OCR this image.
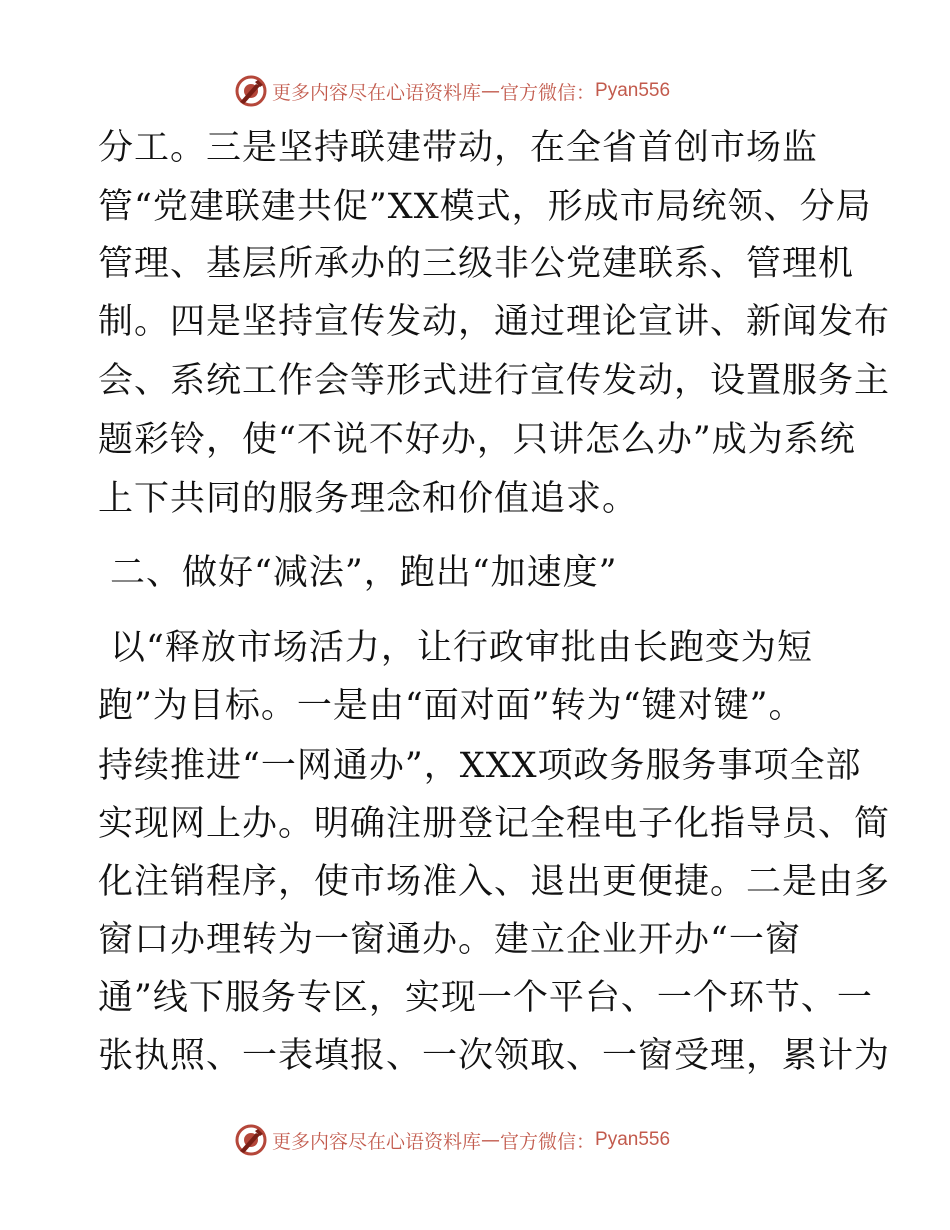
更多内容尽在心语资料库 — 官方微信： Pyan556
分工。三是坚持联建带动，在全省首创市场监
管“党建联建共促”XX模式，形成市局统领、分局
管理、基层所承办的三级非公党建联系、管理机
制。四是坚持宣传发动，通过理论宣讲、新闻发布
会、系统工作会等形式进行宣传发动，设置服务主
题彩铃，使“不说不好办，只讲怎么办”成为系统
上下共同的服务理念和价值追求。
二、做好“减法”，跑出“加速度”
以“释放市场活力，让行政审批由长跑变为短
跑”为目标。一是由“面对面”转为“键对键”。
持续推进“一网通办”，XXX项政务服务事项全部
实现网上办。明确注册登记全程电子化指导员、简
化注销程序，使市场准入、退出更便捷。二是由多
窗口办理转为一窗通办。建立企业开办“一窗
通”线下服务专区，实现一个平台、一个环节、一
张执照、一表填报、一次领取、一窗受理，累计为
更多内容尽在心语资料库 — 官方微信： Pyan556
